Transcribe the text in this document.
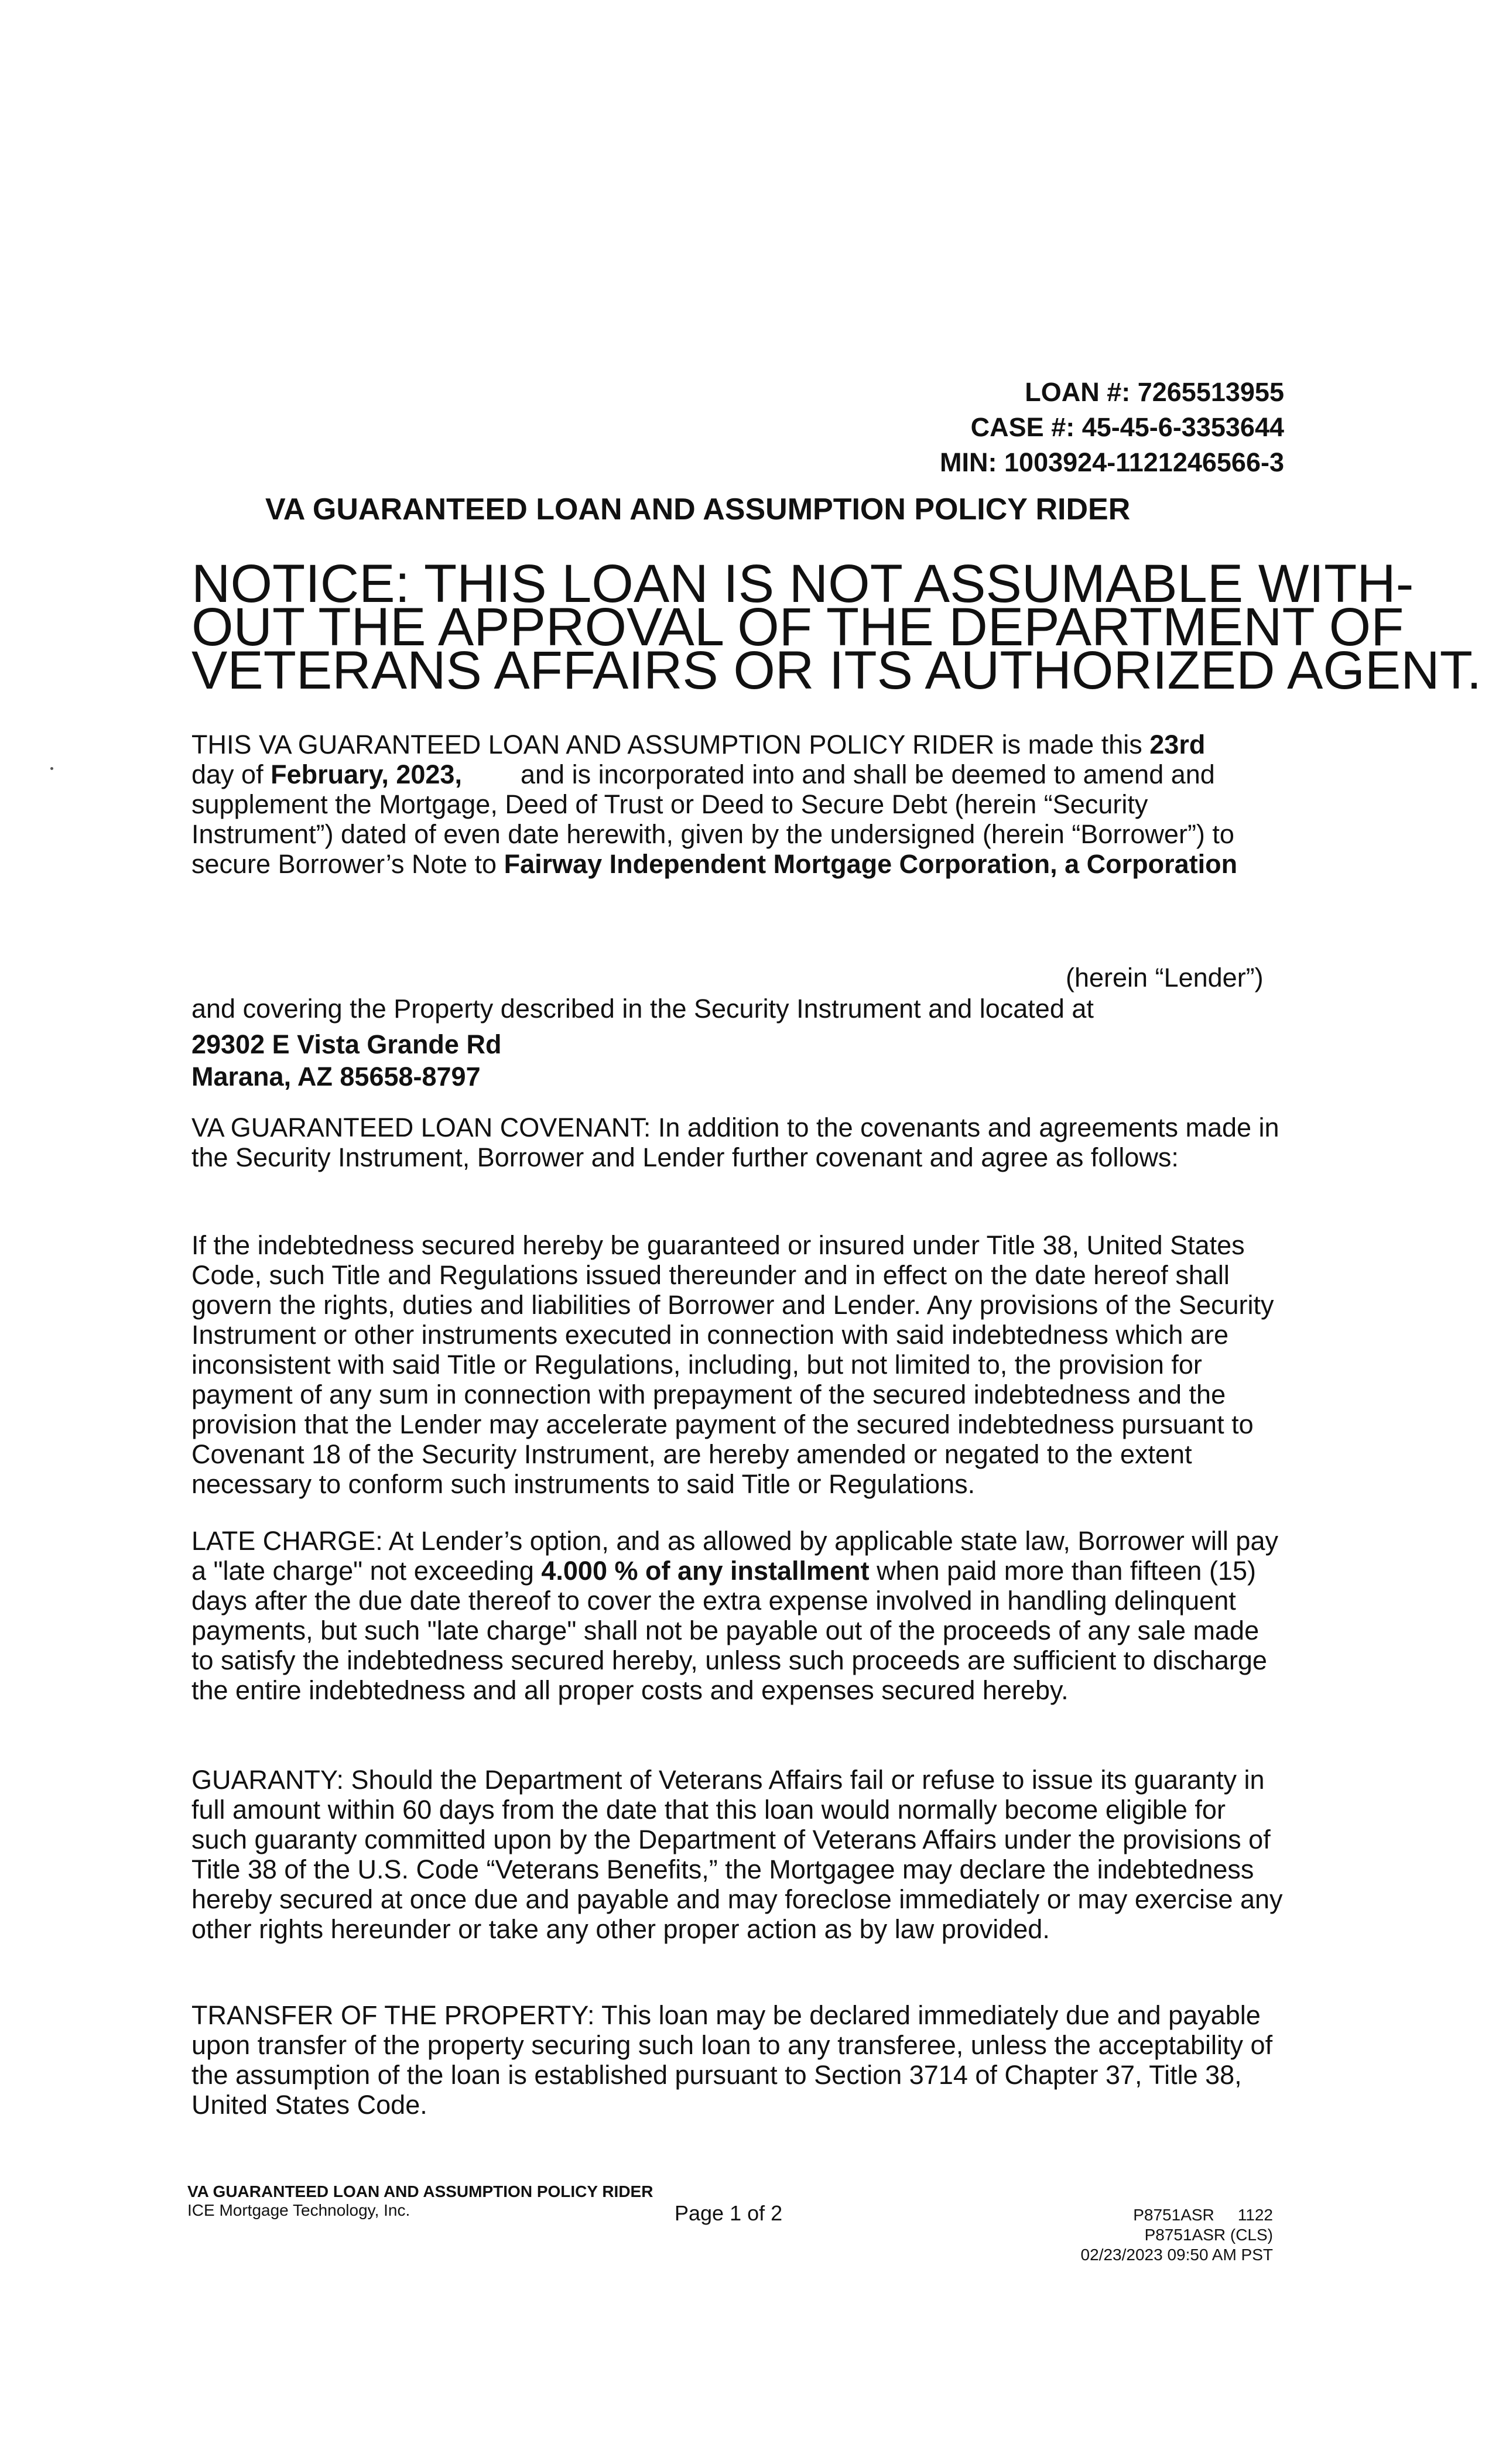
LOAN #: 7265513955
CASE #: 45-45-6-3353644
MIN: 1003924-1121246566-3
VA GUARANTEED LOAN AND ASSUMPTION POLICY RIDER
NOTICE: THIS LOAN IS NOT ASSUMABLE WITH-
OUT THE APPROVAL OF THE DEPARTMENT OF
VETERANS AFFAIRS OR ITS AUTHORIZED AGENT.
THIS VA GUARANTEED LOAN AND ASSUMPTION POLICY RIDER is made this 23rd      day of February, 2023, and is incorporated into and shall be deemed to amend and supplement the Mortgage, Deed of Trust or Deed to Secure Debt (herein “Security Instrument”) dated of even date herewith, given by the undersigned (herein “Borrower”) to secure Borrower’s Note to Fairway Independent Mortgage Corporation, a Corporation
(herein “Lender”)
and covering the Property described in the Security Instrument and located at
29302 E Vista Grande Rd
Marana, AZ 85658-8797
VA GUARANTEED LOAN COVENANT: In addition to the covenants and agreements made in the Security Instrument, Borrower and Lender further covenant and agree as follows:
If the indebtedness secured hereby be guaranteed or insured under Title 38, United States Code, such Title and Regulations issued thereunder and in effect on the date hereof shall govern the rights, duties and liabilities of Borrower and Lender. Any provisions of the Security Instrument or other instruments executed in connection with said indebtedness which are inconsistent with said Title or Regulations, including, but not limited to, the provision for payment of any sum in connection with prepayment of the secured indebtedness and the provision that the Lender may accelerate payment of the secured indebtedness pursuant to Covenant 18 of the Security Instrument, are hereby amended or negated to the extent necessary to conform such instruments to said Title or Regulations.
LATE CHARGE: At Lender’s option, and as allowed by applicable state law, Borrower will pay a "late charge" not exceeding 4.000 % of any installment when paid more than fifteen (15) days after the due date thereof to cover the extra expense involved in handling delinquent payments, but such "late charge" shall not be payable out of the proceeds of any sale made to satisfy the indebtedness secured hereby, unless such proceeds are sufficient to discharge the entire indebtedness and all proper costs and expenses secured hereby.
GUARANTY: Should the Department of Veterans Affairs fail or refuse to issue its guaranty in full amount within 60 days from the date that this loan would normally become eligible for such guaranty committed upon by the Department of Veterans Affairs under the provisions of Title 38 of the U.S. Code “Veterans Benefits,” the Mortgagee may declare the indebtedness hereby secured at once due and payable and may foreclose immediately or may exercise any other rights hereunder or take any other proper action as by law provided.
TRANSFER OF THE PROPERTY: This loan may be declared immediately due and payable upon transfer of the property securing such loan to any transferee, unless the acceptability of the assumption of the loan is established pursuant to Section 3714 of Chapter 37, Title 38, United States Code.
VA GUARANTEED LOAN AND ASSUMPTION POLICY RIDER
ICE Mortgage Technology, Inc.	Page 1 of 2	P8751ASR 1122
P8751ASR (CLS)
02/23/2023 09:50 AM PST
